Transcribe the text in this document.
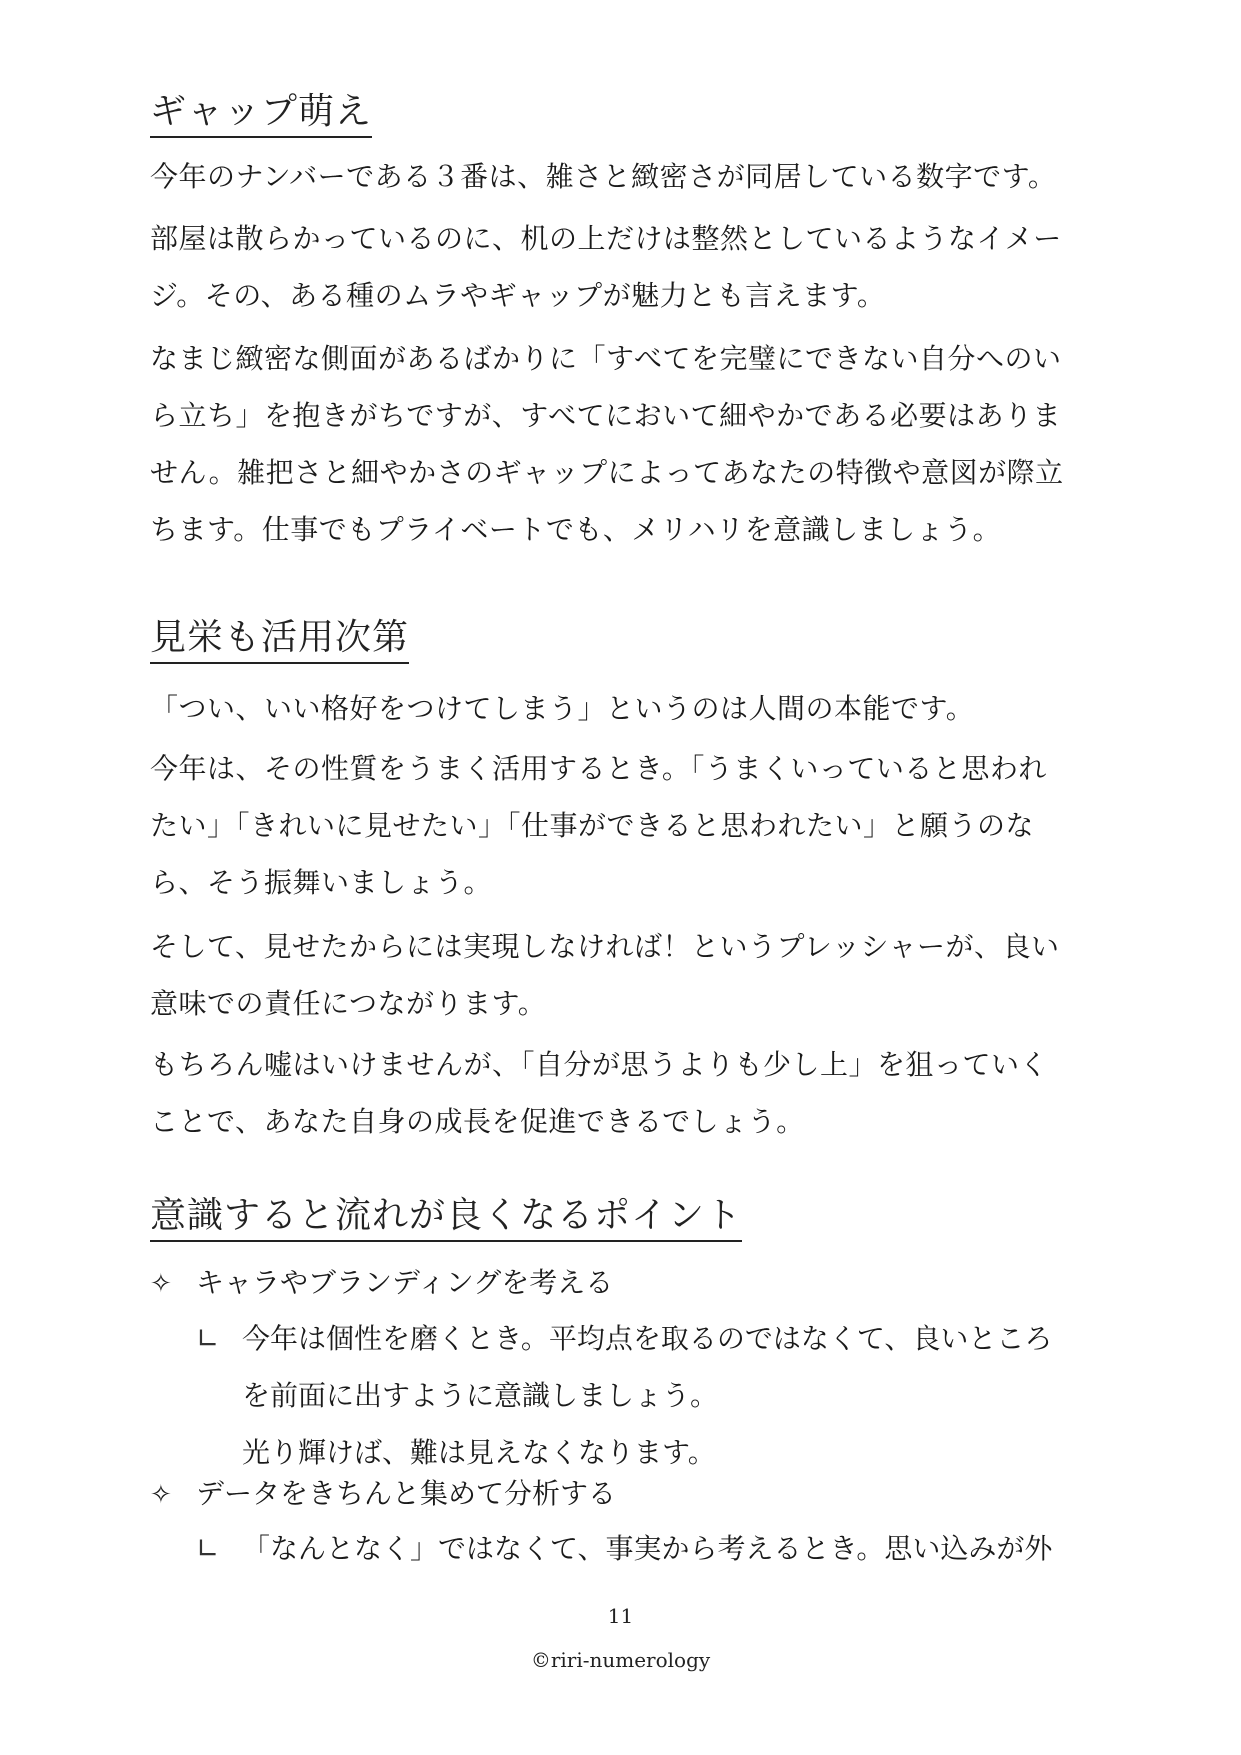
ギャップ萌え
今年のナンバーである３番は、雑さと緻密さが同居している数字です。
部屋は散らかっているのに、机の上だけは整然としているようなイメー
ジ。その、ある種のムラやギャップが魅力とも言えます。
なまじ緻密な側面があるばかりに「すべてを完璧にできない自分へのい
ら立ち」を抱きがちですが、すべてにおいて細やかである必要はありま
せん。雑把さと細やかさのギャップによってあなたの特徴や意図が際立
ちます。仕事でもプライベートでも、メリハリを意識しましょう。
見栄も活用次第
「つい、いい格好をつけてしまう」というのは人間の本能です。
今年は、その性質をうまく活用するとき。「うまくいっていると思われ
たい」「きれいに見せたい」「仕事ができると思われたい」と願うのな
ら、そう振舞いましょう。
そして、見せたからには実現しなければ！というプレッシャーが、良い
意味での責任につながります。
もちろん嘘はいけませんが、「自分が思うよりも少し上」を狙っていく
ことで、あなた自身の成長を促進できるでしょう。
意識すると流れが良くなるポイント
✧ キャラやブランディングを考える
∟ 今年は個性を磨くとき。平均点を取るのではなくて、良いところ
を前面に出すように意識しましょう。
光り輝けば、難は見えなくなります。
✧ データをきちんと集めて分析する
∟ 「なんとなく」ではなくて、事実から考えるとき。思い込みが外
11
©riri-numerology
